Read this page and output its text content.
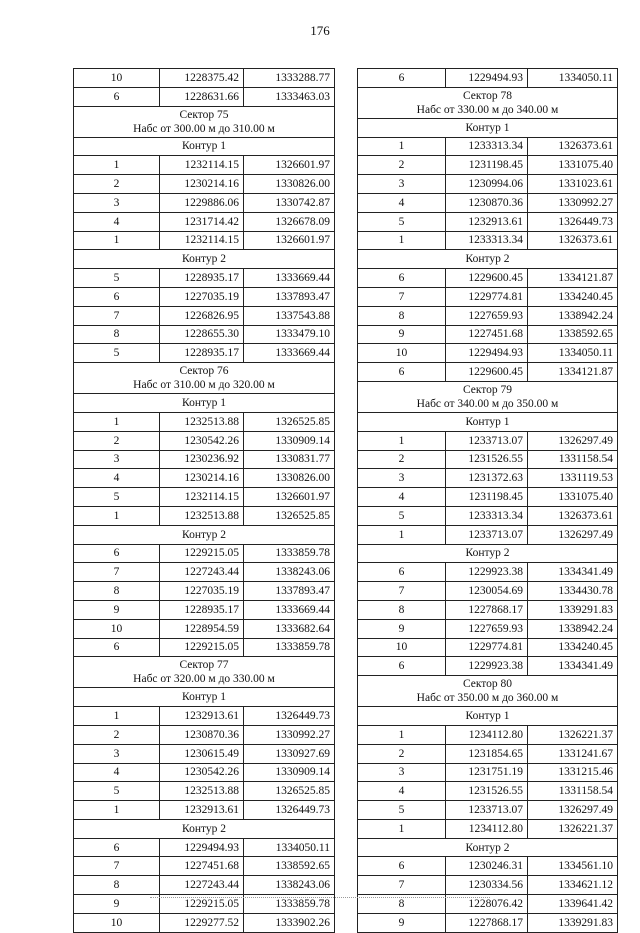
176
10	1228375.42	1333288.77
6	1228631.66	1333463.03

Сектор 75
Набс от 300.00 м до 310.00 м		

Контур 1		
1	1232114.15	1326601.97
2	1230214.16	1330826.00
3	1229886.06	1330742.87
4	1231714.42	1326678.09
1	1232114.15	1326601.97
Контур 2		
5	1228935.17	1333669.44
6	1227035.19	1337893.47
7	1226826.95	1337543.88
8	1228655.30	1333479.10
5	1228935.17	1333669.44

Сектор 76
Набс от 310.00 м до 320.00 м		

Контур 1		
1	1232513.88	1326525.85
2	1230542.26	1330909.14
3	1230236.92	1330831.77
4	1230214.16	1330826.00
5	1232114.15	1326601.97
1	1232513.88	1326525.85
Контур 2		
6	1229215.05	1333859.78
7	1227243.44	1338243.06
8	1227035.19	1337893.47
9	1228935.17	1333669.44
10	1228954.59	1333682.64
6	1229215.05	1333859.78

Сектор 77
Набс от 320.00 м до 330.00 м		

Контур 1		
1	1232913.61	1326449.73
2	1230870.36	1330992.27
3	1230615.49	1330927.69
4	1230542.26	1330909.14
5	1232513.88	1326525.85
1	1232913.61	1326449.73
Контур 2		
6	1229494.93	1334050.11
7	1227451.68	1338592.65
8	1227243.44	1338243.06
9	1229215.05	1333859.78
10	1229277.52	1333902.26
6	1229494.93	1334050.11

Сектор 78
Набс от 330.00 м до 340.00 м		

Контур 1		
1	1233313.34	1326373.61
2	1231198.45	1331075.40
3	1230994.06	1331023.61
4	1230870.36	1330992.27
5	1232913.61	1326449.73
1	1233313.34	1326373.61
Контур 2		
6	1229600.45	1334121.87
7	1229774.81	1334240.45
8	1227659.93	1338942.24
9	1227451.68	1338592.65
10	1229494.93	1334050.11
6	1229600.45	1334121.87

Сектор 79
Набс от 340.00 м до 350.00 м		

Контур 1		
1	1233713.07	1326297.49
2	1231526.55	1331158.54
3	1231372.63	1331119.53
4	1231198.45	1331075.40
5	1233313.34	1326373.61
1	1233713.07	1326297.49
Контур 2		
6	1229923.38	1334341.49
7	1230054.69	1334430.78
8	1227868.17	1339291.83
9	1227659.93	1338942.24
10	1229774.81	1334240.45
6	1229923.38	1334341.49

Сектор 80
Набс от 350.00 м до 360.00 м		

Контур 1		
1	1234112.80	1326221.37
2	1231854.65	1331241.67
3	1231751.19	1331215.46
4	1231526.55	1331158.54
5	1233713.07	1326297.49
1	1234112.80	1326221.37
Контур 2		
6	1230246.31	1334561.10
7	1230334.56	1334621.12
8	1228076.42	1339641.42
9	1227868.17	1339291.83
